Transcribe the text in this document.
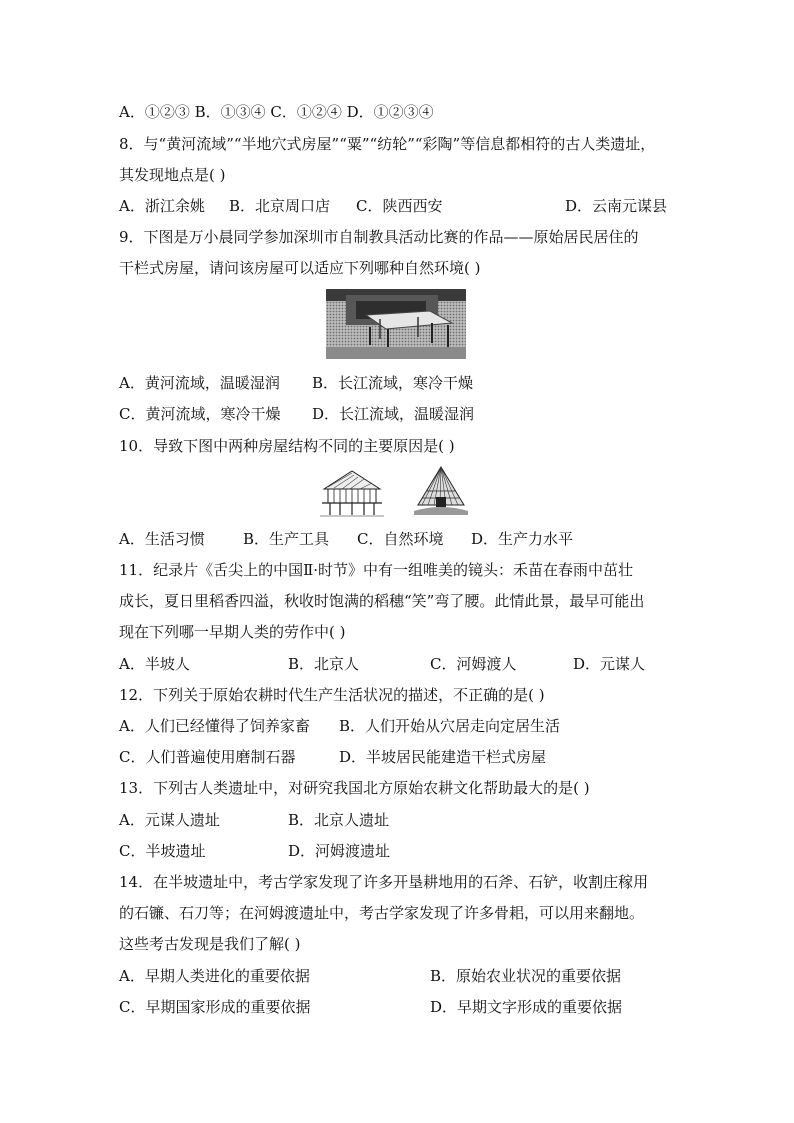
A．①②③ B．①③④ C．①②④ D．①②③④
8．与“黄河流域”“半地穴式房屋”“粟”“纺轮”“彩陶”等信息都相符的古人类遗址，
其发现地点是( )
A．浙江余姚 B．北京周口店 C．陕西西安	D．云南元谋县
9．下图是万小晨同学参加深圳市自制教具活动比赛的作品——原始居民居住的
干栏式房屋，请问该房屋可以适应下列哪种自然环境( )
A．黄河流域，温暖湿润 B．长江流域，寒冷干燥
C．黄河流域，寒冷干燥 D．长江流域，温暖湿润
10．导致下图中两种房屋结构不同的主要原因是( )
A．生活习惯	B．生产工具 C．自然环境 D．生产力水平
11．纪录片《舌尖上的中国Ⅱ·时节》中有一组唯美的镜头：禾苗在春雨中茁壮
成长，夏日里稻香四溢，秋收时饱满的稻穗“笑”弯了腰。此情此景，最早可能出
现在下列哪一早期人类的劳作中( )
A．半坡人	B．北京人	C．河姆渡人	D．元谋人
12．下列关于原始农耕时代生产生活状况的描述，不正确的是( )
A．人们已经懂得了饲养家畜 B．人们开始从穴居走向定居生活
C．人们普遍使用磨制石器	D．半坡居民能建造干栏式房屋
13．下列古人类遗址中，对研究我国北方原始农耕文化帮助最大的是( )
A．元谋人遗址	B．北京人遗址
C．半坡遗址	D．河姆渡遗址
14．在半坡遗址中，考古学家发现了许多开垦耕地用的石斧、石铲，收割庄稼用
的石镰、石刀等；在河姆渡遗址中，考古学家发现了许多骨耜，可以用来翻地。
这些考古发现是我们了解( )
A．早期人类进化的重要依据	B．原始农业状况的重要依据
C．早期国家形成的重要依据	D．早期文字形成的重要依据
